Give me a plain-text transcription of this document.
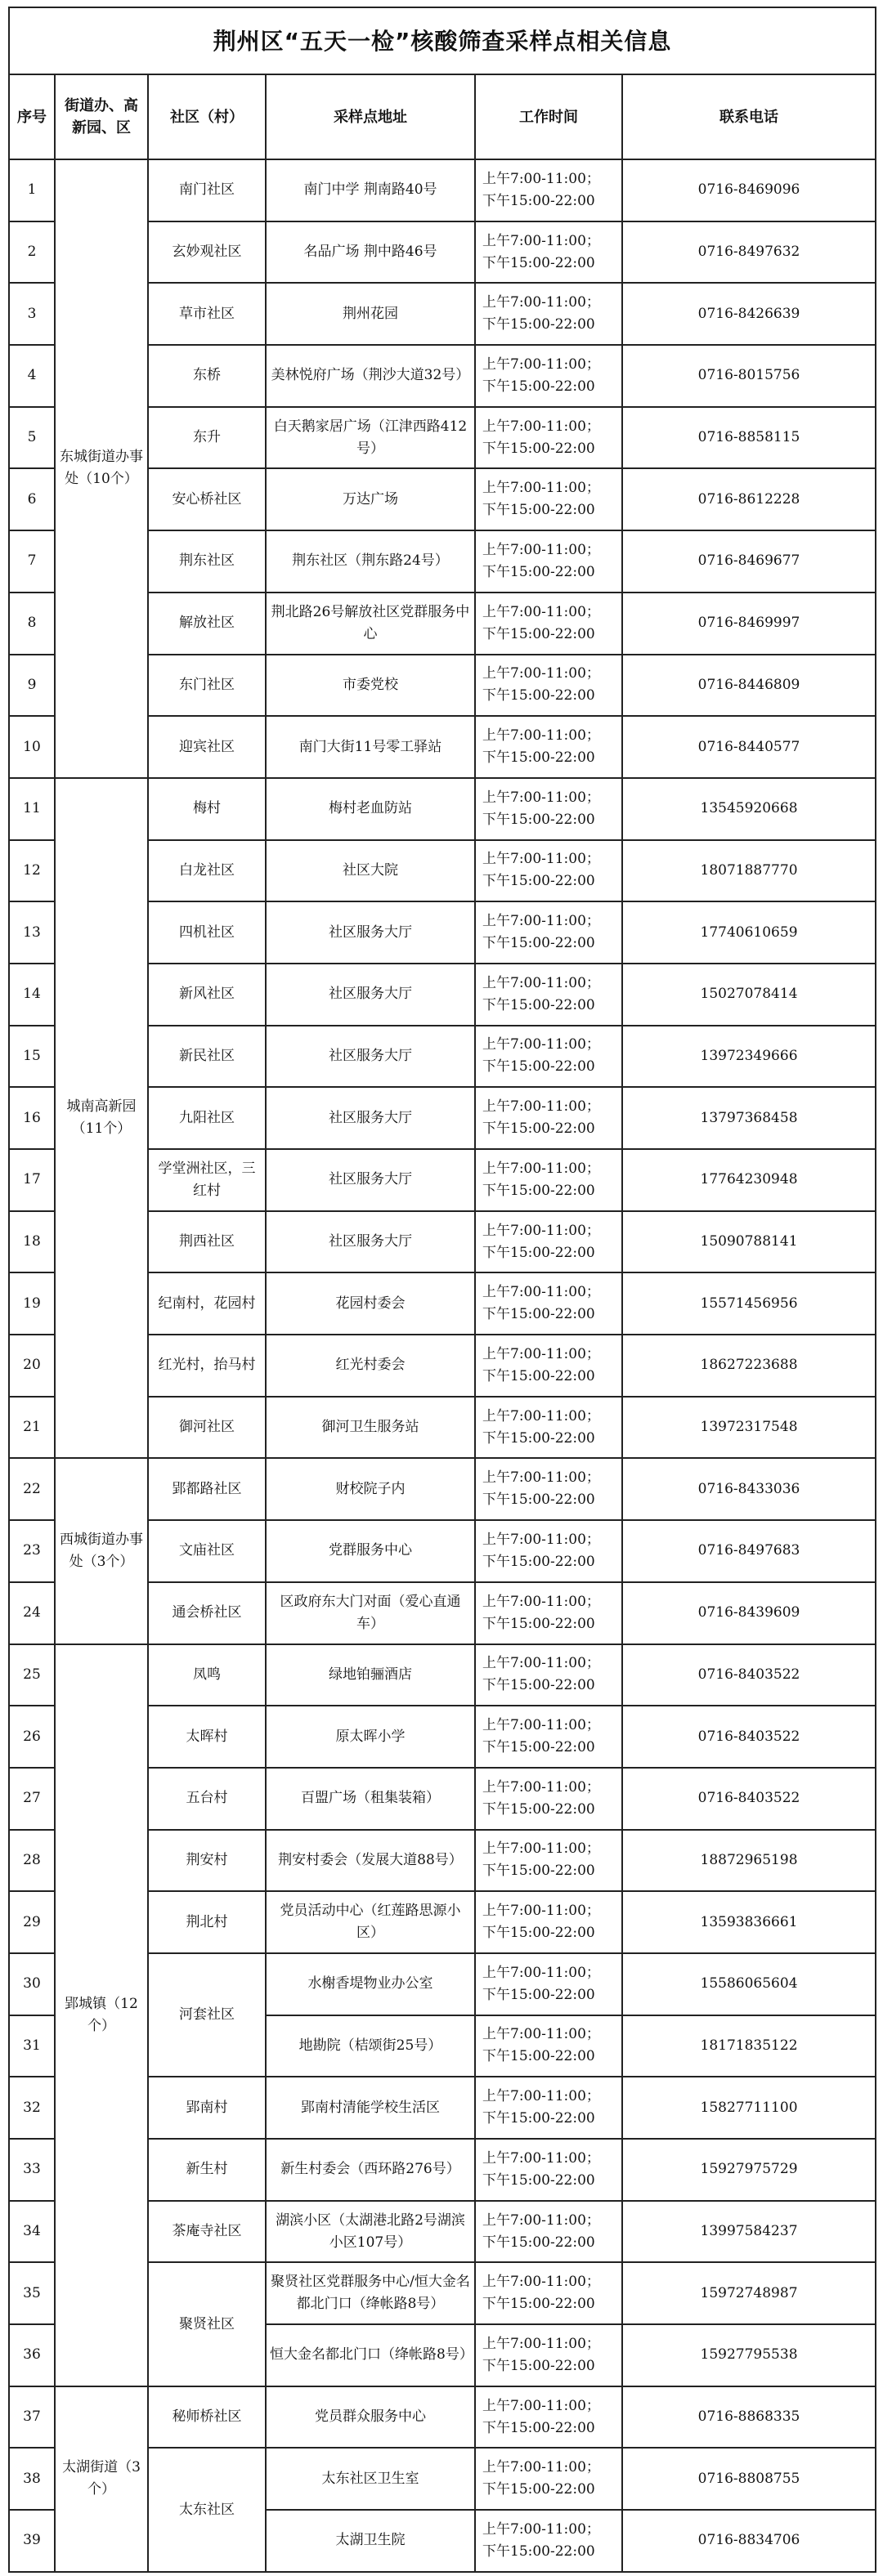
荆州区“五天一检”核酸筛查采样点相关信息					
序号	街道办、高新园、区	社区（村）	采样点地址	工作时间	联系电话
1	东城街道办事处（10个）	南门社区	南门中学 荆南路40号	上午7:00-11:00； 下午15:00-22:00	0716-8469096
2		玄妙观社区	名品广场 荆中路46号	上午7:00-11:00； 下午15:00-22:00	0716-8497632
3		草市社区	荆州花园	上午7:00-11:00； 下午15:00-22:00	0716-8426639
4		东桥	美林悦府广场（荆沙大道32号）	上午7:00-11:00； 下午15:00-22:00	0716-8015756
5		东升	白天鹅家居广场（江津西路412号）	上午7:00-11:00； 下午15:00-22:00	0716-8858115
6		安心桥社区	万达广场	上午7:00-11:00； 下午15:00-22:00	0716-8612228
7		荆东社区	荆东社区（荆东路24号）	上午7:00-11:00； 下午15:00-22:00	0716-8469677
8		解放社区	荆北路26号解放社区党群服务中心	上午7:00-11:00； 下午15:00-22:00	0716-8469997
9		东门社区	市委党校	上午7:00-11:00； 下午15:00-22:00	0716-8446809
10		迎宾社区	南门大街11号零工驿站	上午7:00-11:00； 下午15:00-22:00	0716-8440577
11	城南高新园（11个）	梅村	梅村老血防站	上午7:00-11:00； 下午15:00-22:00	13545920668
12		白龙社区	社区大院	上午7:00-11:00； 下午15:00-22:00	18071887770
13		四机社区	社区服务大厅	上午7:00-11:00； 下午15:00-22:00	17740610659
14		新风社区	社区服务大厅	上午7:00-11:00； 下午15:00-22:00	15027078414
15		新民社区	社区服务大厅	上午7:00-11:00； 下午15:00-22:00	13972349666
16		九阳社区	社区服务大厅	上午7:00-11:00； 下午15:00-22:00	13797368458
17		学堂洲社区，三红村	社区服务大厅	上午7:00-11:00； 下午15:00-22:00	17764230948
18		荆西社区	社区服务大厅	上午7:00-11:00； 下午15:00-22:00	15090788141
19		纪南村，花园村	花园村委会	上午7:00-11:00； 下午15:00-22:00	15571456956
20		红光村，抬马村	红光村委会	上午7:00-11:00； 下午15:00-22:00	18627223688
21		御河社区	御河卫生服务站	上午7:00-11:00； 下午15:00-22:00	13972317548
22	西城街道办事处（3个）	郢都路社区	财校院子内	上午7:00-11:00； 下午15:00-22:00	0716-8433036
23		文庙社区	党群服务中心	上午7:00-11:00； 下午15:00-22:00	0716-8497683
24		通会桥社区	区政府东大门对面（爱心直通车）	上午7:00-11:00； 下午15:00-22:00	0716-8439609
25	郢城镇（12个）	凤鸣	绿地铂骊酒店	上午7:00-11:00； 下午15:00-22:00	0716-8403522
26		太晖村	原太晖小学	上午7:00-11:00； 下午15:00-22:00	0716-8403522
27		五台村	百盟广场（租集装箱）	上午7:00-11:00； 下午15:00-22:00	0716-8403522
28		荆安村	荆安村委会（发展大道88号）	上午7:00-11:00； 下午15:00-22:00	18872965198
29		荆北村	党员活动中心（红莲路思源小区）	上午7:00-11:00； 下午15:00-22:00	13593836661
30		河套社区	水榭香堤物业办公室	上午7:00-11:00； 下午15:00-22:00	15586065604
31			地勘院（桔颂街25号）	上午7:00-11:00； 下午15:00-22:00	18171835122
32		郢南村	郢南村清能学校生活区	上午7:00-11:00； 下午15:00-22:00	15827711100
33		新生村	新生村委会（西环路276号）	上午7:00-11:00； 下午15:00-22:00	15927975729
34		茶庵寺社区	湖滨小区（太湖港北路2号湖滨小区107号）	上午7:00-11:00； 下午15:00-22:00	13997584237
35		聚贤社区	聚贤社区党群服务中心/恒大金名都北门口（绛帐路8号）	上午7:00-11:00； 下午15:00-22:00	15972748987
36			恒大金名都北门口（绛帐路8号）	上午7:00-11:00； 下午15:00-22:00	15927795538
37	太湖街道（3个）	秘师桥社区	党员群众服务中心	上午7:00-11:00； 下午15:00-22:00	0716-8868335
38		太东社区	太东社区卫生室	上午7:00-11:00； 下午15:00-22:00	0716-8808755
39			太湖卫生院	上午7:00-11:00； 下午15:00-22:00	0716-8834706
